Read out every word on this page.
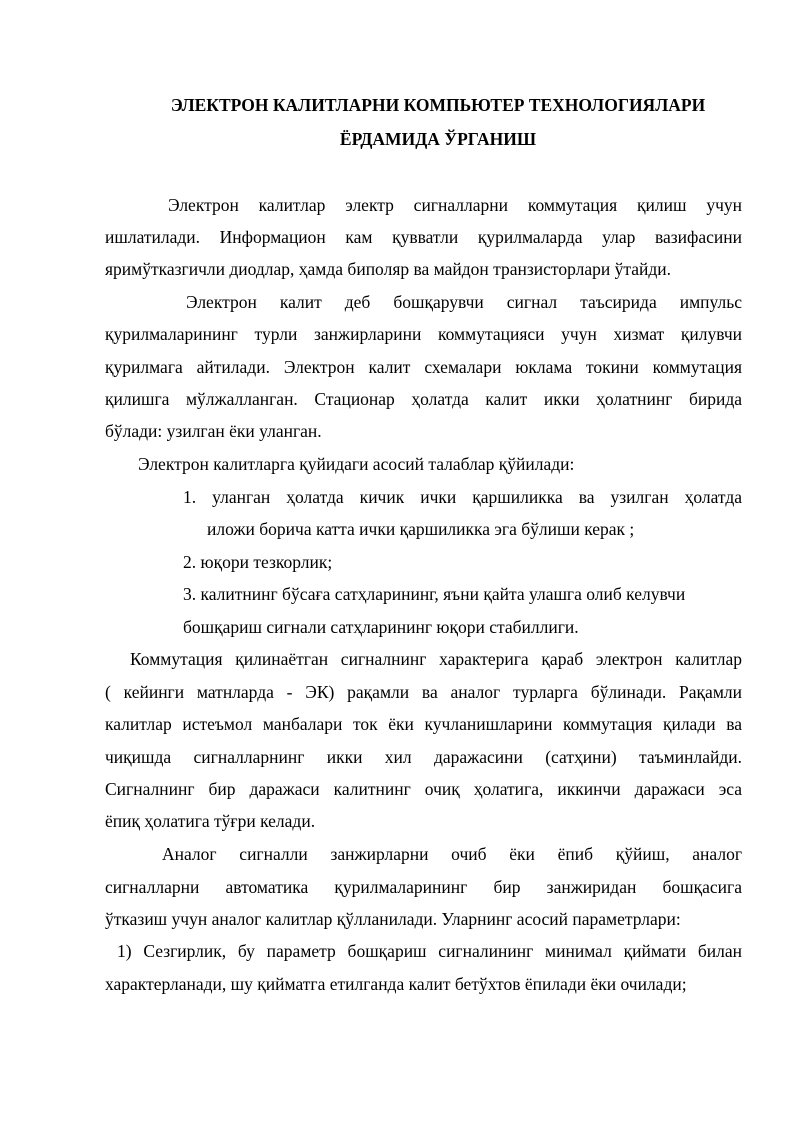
ЭЛЕКТРОН КАЛИТЛАРНИ КОМПЬЮТЕР ТЕХНОЛОГИЯЛАРИ
ЁРДАМИДА ЎРГАНИШ
Электрон калитлар электр сигналларни коммутация қилиш учун
ишлатилади. Информацион кам қувватли қурилмаларда улар вазифасини
яримўтказгичли диодлар, ҳамда биполяр ва майдон транзисторлари ўтайди.
Электрон калит деб бошқарувчи сигнал таъсирида импульс
қурилмаларининг турли занжирларини коммутацияси учун хизмат қилувчи
қурилмага айтилади. Электрон калит схемалари юклама токини коммутация
қилишга мўлжалланган. Стационар ҳолатда калит икки ҳолатнинг бирида
бўлади: узилган ёки уланган.
Электрон калитларга қуйидаги асосий талаблар қўйилади:
1. уланган ҳолатда кичик ички қаршиликка ва узилган ҳолатда
иложи борича катта ички қаршиликка эга бўлиши керак ;
2. юқори тезкорлик;
3. калитнинг бўсаға сатҳларининг, яъни қайта улашга олиб келувчи
бошқариш сигнали сатҳларининг юқори стабиллиги.
Коммутация қилинаётган сигналнинг характерига қараб электрон калитлар
( кейинги матнларда - ЭК) рақамли ва аналог турларга бўлинади. Рақамли
калитлар истеъмол манбалари ток ёки кучланишларини коммутация қилади ва
чиқишда сигналларнинг икки хил даражасини (сатҳини) таъминлайди.
Сигналнинг бир даражаси калитнинг очиқ ҳолатига, иккинчи даражаси эса
ёпиқ ҳолатига тўғри келади.
Аналог сигналли занжирларни очиб ёки ёпиб қўйиш, аналог
сигналларни автоматика қурилмаларининг бир занжиридан бошқасига
ўтказиш учун аналог калитлар қўлланилади. Уларнинг асосий параметрлари:
1) Сезгирлик, бу параметр бошқариш сигналининг минимал қиймати билан
характерланади, шу қийматга етилганда калит бетўхтов ёпилади ёки очилади;
